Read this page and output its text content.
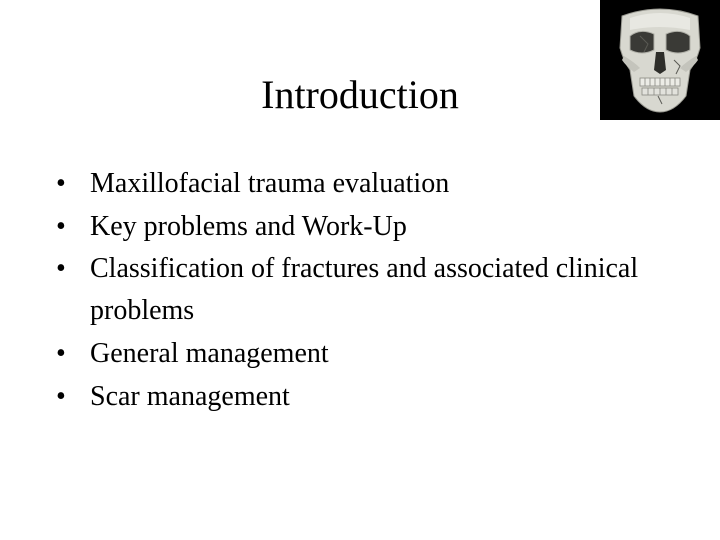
Introduction
• Maxillofacial trauma evaluation
• Key problems and Work-Up
• Classification of fractures and associated clinical problems
• General management
• Scar management
